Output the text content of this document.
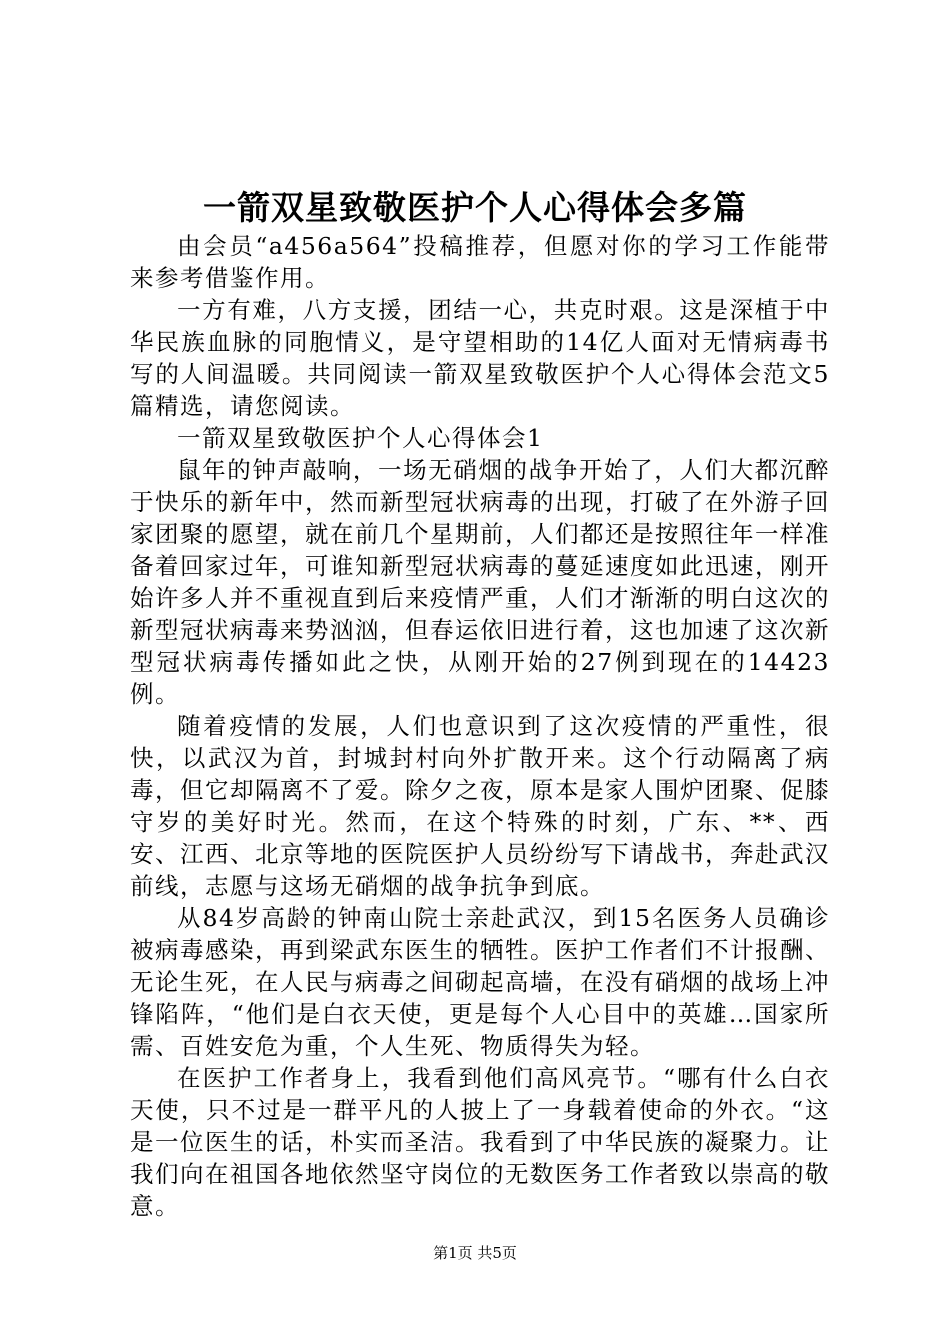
一箭双星致敬医护个人心得体会多篇

由会员“a456a564”投稿推荐，但愿对你的学习工作能带来参考借鉴作用。

一方有难，八方支援，团结一心，共克时艰。这是深植于中华民族血脉的同胞情义，是守望相助的14亿人面对无情病毒书写的人间温暖。共同阅读一箭双星致敬医护个人心得体会范文5篇精选，请您阅读。

一箭双星致敬医护个人心得体会1

鼠年的钟声敲响，一场无硝烟的战争开始了，人们大都沉醉于快乐的新年中，然而新型冠状病毒的出现，打破了在外游子回家团聚的愿望，就在前几个星期前，人们都还是按照往年一样准备着回家过年，可谁知新型冠状病毒的蔓延速度如此迅速，刚开始许多人并不重视直到后来疫情严重，人们才渐渐的明白这次的新型冠状病毒来势汹汹，但春运依旧进行着，这也加速了这次新型冠状病毒传播如此之快，从刚开始的27例到现在的14423例。

随着疫情的发展，人们也意识到了这次疫情的严重性，很快，以武汉为首，封城封村向外扩散开来。这个行动隔离了病毒，但它却隔离不了爱。除夕之夜，原本是家人围炉团聚、促膝守岁的美好时光。然而，在这个特殊的时刻，广东、**、西安、江西、北京等地的医院医护人员纷纷写下请战书，奔赴武汉前线，志愿与这场无硝烟的战争抗争到底。

从84岁高龄的钟南山院士亲赴武汉，到15名医务人员确诊被病毒感染，再到梁武东医生的牺牲。医护工作者们不计报酬、无论生死，在人民与病毒之间砌起高墙，在没有硝烟的战场上冲锋陷阵，“他们是白衣天使，更是每个人心目中的英雄…国家所需、百姓安危为重，个人生死、物质得失为轻。

在医护工作者身上，我看到他们高风亮节。“哪有什么白衣天使，只不过是一群平凡的人披上了一身载着使命的外衣。“这是一位医生的话，朴实而圣洁。我看到了中华民族的凝聚力。让我们向在祖国各地依然坚守岗位的无数医务工作者致以崇高的敬意。

第1页 共5页
